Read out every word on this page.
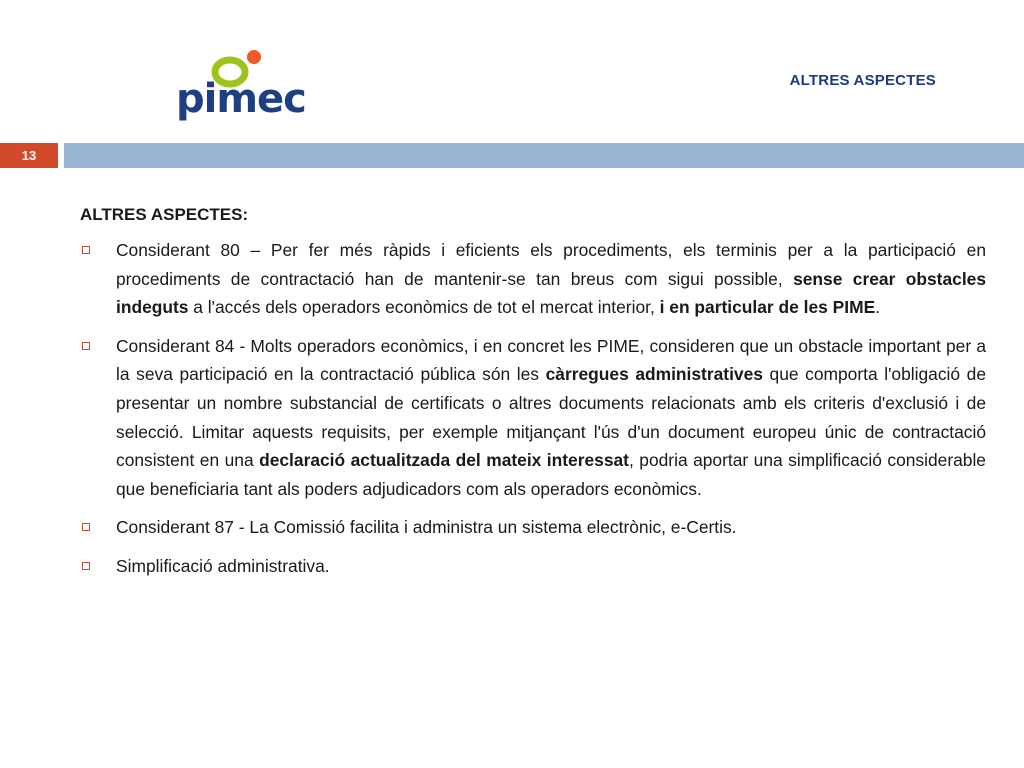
pimec	ALTRES ASPECTES
13
ALTRES ASPECTES:
Considerant 80 – Per fer més ràpids i eficients els procediments, els terminis per a la participació en procediments de contractació han de mantenir-se tan breus com sigui possible, sense crear obstacles indeguts a l'accés dels operadors econòmics de tot el mercat interior, i en particular de les PIME.
Considerant 84 - Molts operadors econòmics, i en concret les PIME, consideren que un obstacle important per a la seva participació en la contractació pública són les càrregues administratives que comporta l'obligació de presentar un nombre substancial de certificats o altres documents relacionats amb els criteris d'exclusió i de selecció. Limitar aquests requisits, per exemple mitjançant l'ús d'un document europeu únic de contractació consistent en una declaració actualitzada del mateix interessat, podria aportar una simplificació considerable que beneficiaria tant als poders adjudicadors com als operadors econòmics.
Considerant 87 - La Comissió facilita i administra un sistema electrònic, e-Certis.
Simplificació administrativa.
